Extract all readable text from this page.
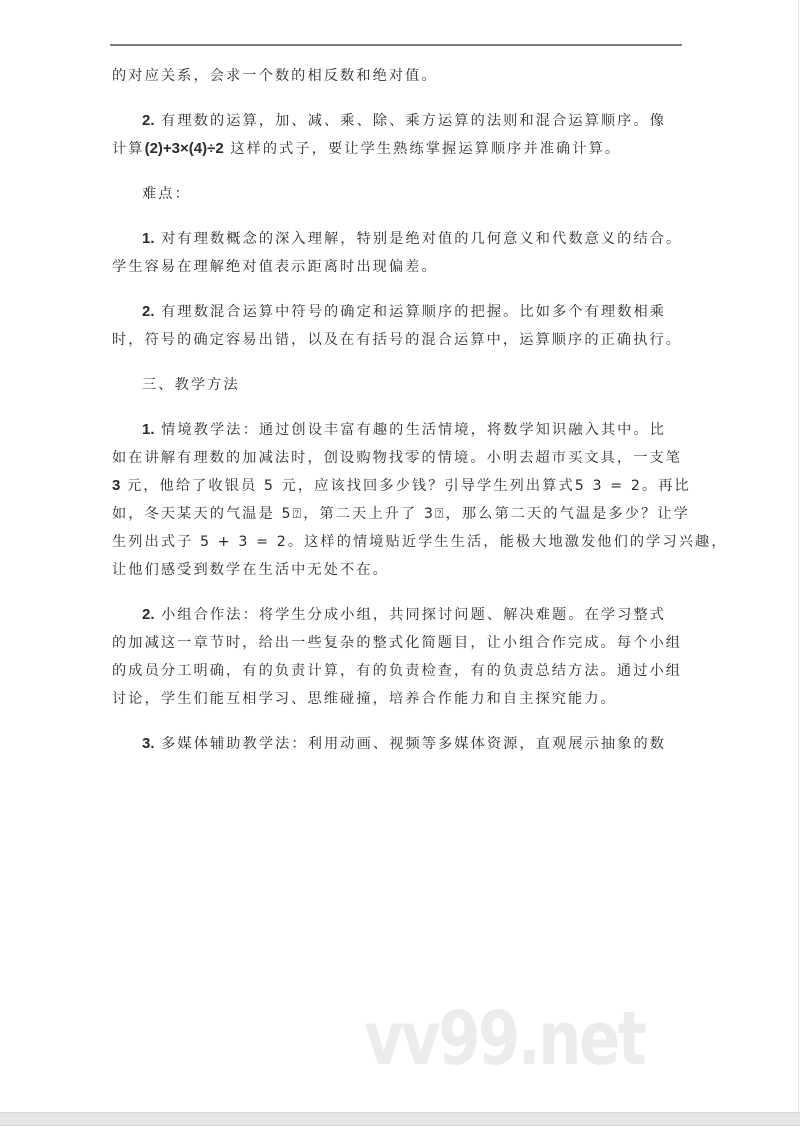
的对应关系，会求一个数的相反数和绝对值。
2. 有理数的运算，加、减、乘、除、乘方运算的法则和混合运算顺序。像
计算(2)+3×(4)÷2 这样的式子，要让学生熟练掌握运算顺序并准确计算。
难点：
1. 对有理数概念的深入理解，特别是绝对值的几何意义和代数意义的结合。
学生容易在理解绝对值表示距离时出现偏差。
2. 有理数混合运算中符号的确定和运算顺序的把握。比如多个有理数相乘
时，符号的确定容易出错，以及在有括号的混合运算中，运算顺序的正确执行。
三、教学方法
1. 情境教学法：通过创设丰富有趣的生活情境，将数学知识融入其中。比
如在讲解有理数的加减法时，创设购物找零的情境。小明去超市买文具，一支笔
3 元，他给了收银员 5 元，应该找回多少钱？引导学生列出算式5 3 = 2。再比
如，冬天某天的气温是 5⍰，第二天上升了 3⍰，那么第二天的气温是多少？让学
生列出式子 5 + 3 = 2。这样的情境贴近学生生活，能极大地激发他们的学习兴趣，
让他们感受到数学在生活中无处不在。
2. 小组合作法：将学生分成小组，共同探讨问题、解决难题。在学习整式
的加减这一章节时，给出一些复杂的整式化简题目，让小组合作完成。每个小组
的成员分工明确，有的负责计算，有的负责检查，有的负责总结方法。通过小组
讨论，学生们能互相学习、思维碰撞，培养合作能力和自主探究能力。
3. 多媒体辅助教学法：利用动画、视频等多媒体资源，直观展示抽象的数
vv99.net
